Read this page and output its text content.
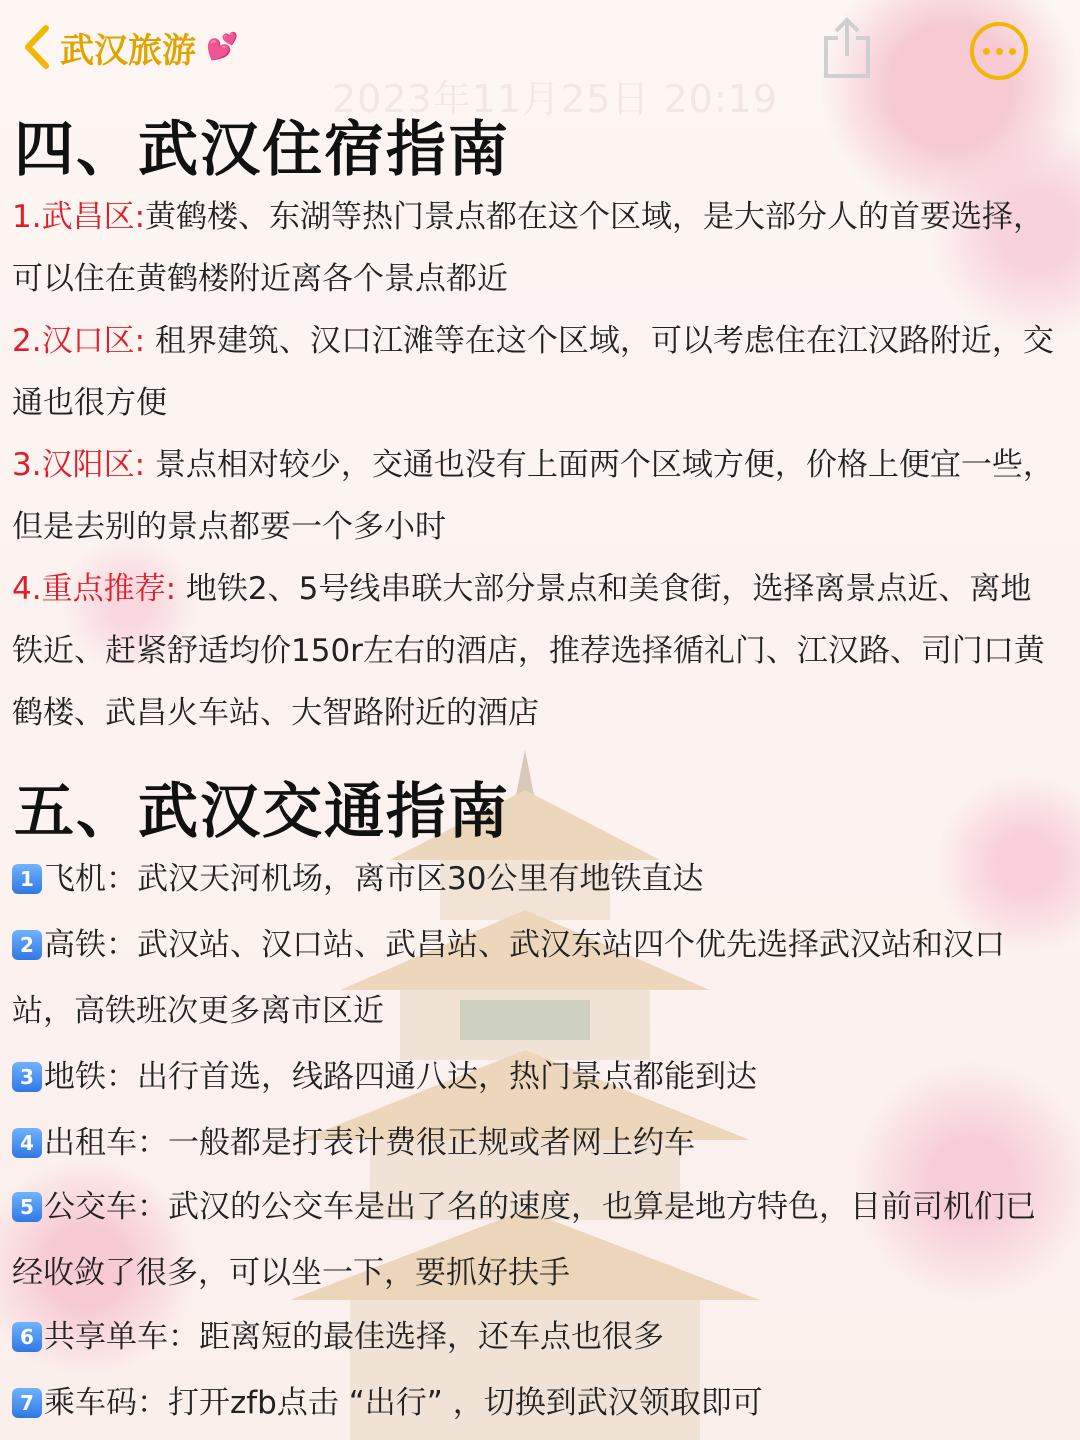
武汉旅游 💕
2023年11月25日 20:19
四、武汉住宿指南
1.武昌区:黄鹤楼、东湖等热门景点都在这个区域，是大部分人的首要选择，可以住在黄鹤楼附近离各个景点都近
2.汉口区: 租界建筑、汉口江滩等在这个区域，可以考虑住在江汉路附近，交通也很方便
3.汉阳区: 景点相对较少，交通也没有上面两个区域方便，价格上便宜一些，但是去别的景点都要一个多小时
4.重点推荐: 地铁2、5号线串联大部分景点和美食街，选择离景点近、离地铁近、赶紧舒适均价150r左右的酒店，推荐选择循礼门、江汉路、司门口黄鹤楼、武昌火车站、大智路附近的酒店
五、武汉交通指南
1 飞机：武汉天河机场，离市区30公里有地铁直达
2 高铁：武汉站、汉口站、武昌站、武汉东站四个优先选择武汉站和汉口站，高铁班次更多离市区近
3 地铁：出行首选，线路四通八达，热门景点都能到达
4 出租车：一般都是打表计费很正规或者网上约车
5 公交车：武汉的公交车是出了名的速度，也算是地方特色，目前司机们已经收敛了很多，可以坐一下，要抓好扶手
6 共享单车：距离短的最佳选择，还车点也很多
7 乘车码：打开zfb点击 “出行” ，切换到武汉领取即可
